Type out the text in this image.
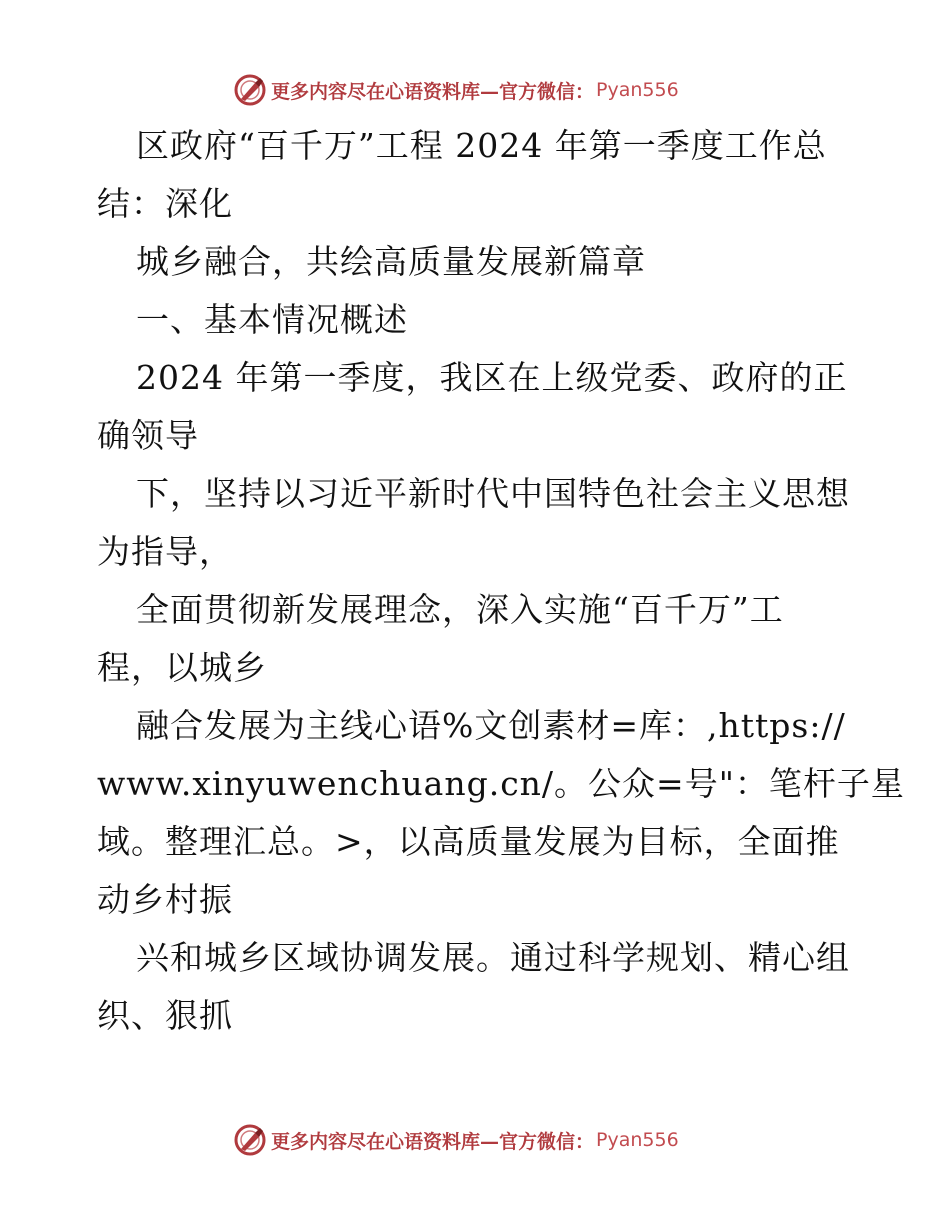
更多内容尽在心语资料库—官方微信： Pyan556
区政府“百千万”工程 2024 年第一季度工作总
结：深化
城乡融合，共绘高质量发展新篇章
一、基本情况概述
2024 年第一季度，我区在上级党委、政府的正
确领导
下，坚持以习近平新时代中国特色社会主义思想
为指导，
全面贯彻新发展理念，深入实施“百千万”工
程，以城乡
融合发展为主线心语%文创素材=库：,https://
www.xinyuwenchuang.cn/。公众=号"：笔杆子星
域。整理汇总。>，以高质量发展为目标，全面推
动乡村振
兴和城乡区域协调发展。通过科学规划、精心组
织、狠抓
更多内容尽在心语资料库—官方微信： Pyan556
